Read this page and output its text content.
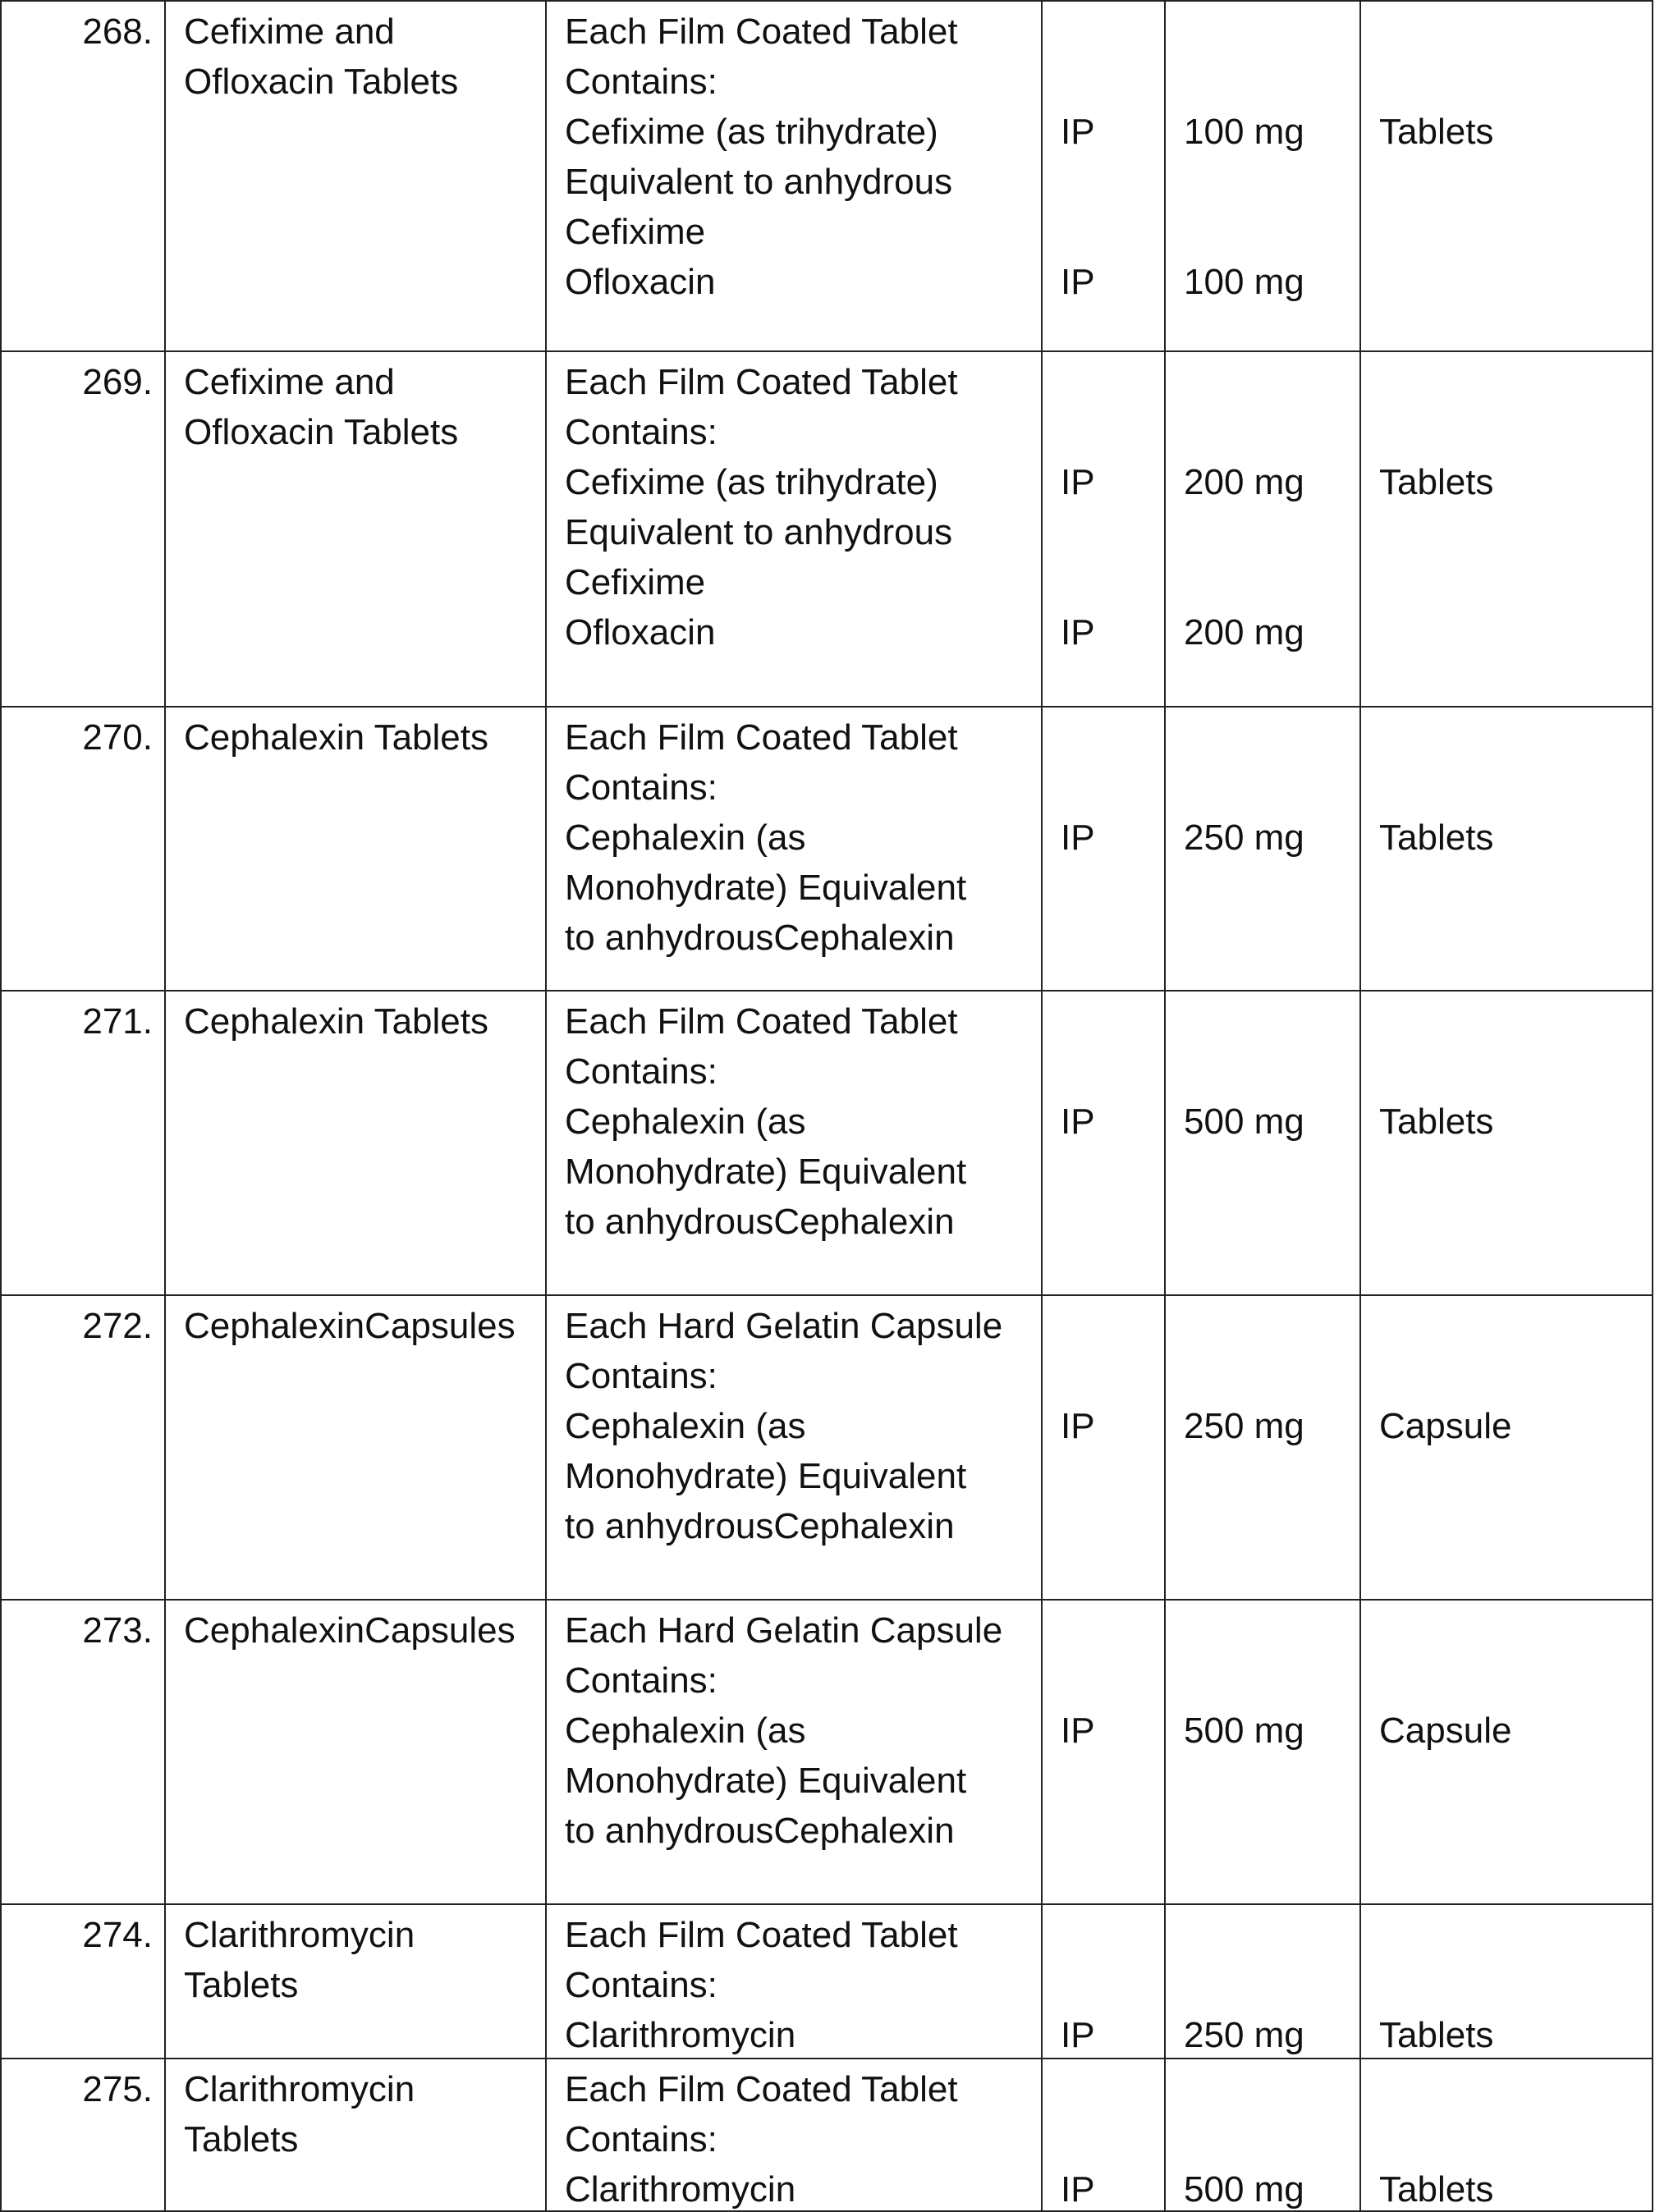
268. Cefixime and
Ofloxacin Tablets
Each Film Coated Tablet
Contains:
Cefixime (as trihydrate)
Equivalent to anhydrous
Cefixime
Ofloxacin
IP
IP
100 mg
100 mg
Tablets
269. Cefixime and
Ofloxacin Tablets
Each Film Coated Tablet
Contains:
Cefixime (as trihydrate)
Equivalent to anhydrous
Cefixime
Ofloxacin
IP
IP
200 mg
200 mg
Tablets
270. Cephalexin Tablets Each Film Coated Tablet
Contains:
Cephalexin (as
Monohydrate) Equivalent
to anhydrousCephalexin
IP 250 mg Tablets
271. Cephalexin Tablets Each Film Coated Tablet
Contains:
Cephalexin (as
Monohydrate) Equivalent
to anhydrousCephalexin
IP 500 mg Tablets
272. CephalexinCapsules Each Hard Gelatin Capsule
Contains:
Cephalexin (as
Monohydrate) Equivalent
to anhydrousCephalexin
IP 250 mg Capsule
273. CephalexinCapsules Each Hard Gelatin Capsule
Contains:
Cephalexin (as
Monohydrate) Equivalent
to anhydrousCephalexin
IP 500 mg Capsule
274. Clarithromycin
Tablets
Each Film Coated Tablet
Contains:
Clarithromycin	IP 250 mg Tablets
275. Clarithromycin
Tablets
Each Film Coated Tablet
Contains:
Clarithromycin	IP 500 mg Tablets
